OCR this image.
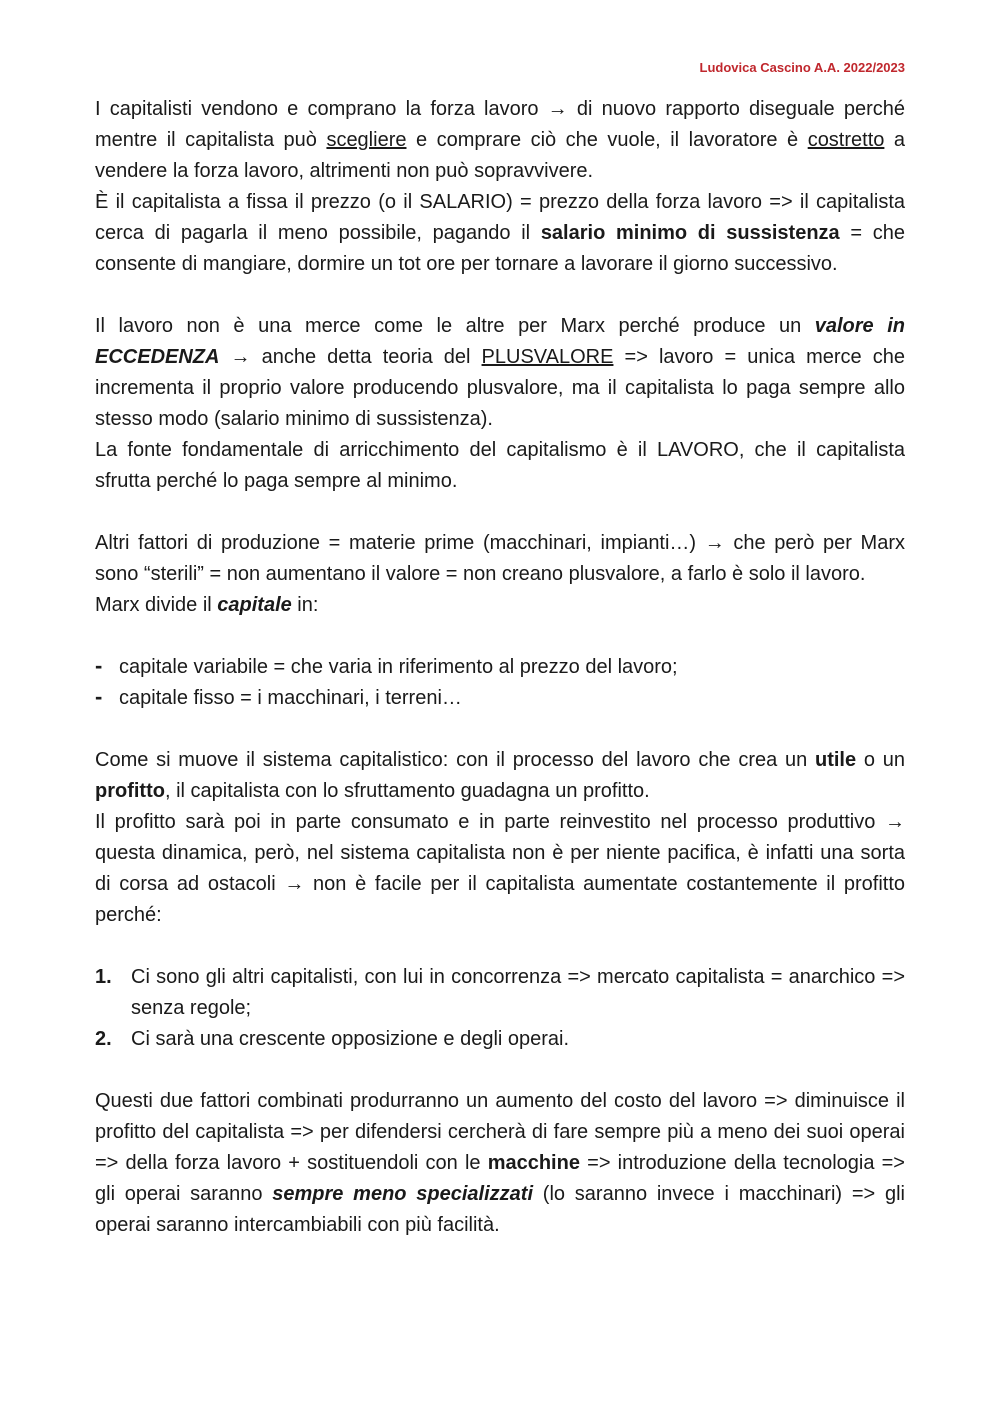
Ludovica Cascino A.A. 2022/2023

I capitalisti vendono e comprano la forza lavoro → di nuovo rapporto diseguale perché mentre il capitalista può scegliere e comprare ciò che vuole, il lavoratore è costretto a vendere la forza lavoro, altrimenti non può sopravvivere.

È il capitalista a fissa il prezzo (o il SALARIO) = prezzo della forza lavoro => il capitalista cerca di pagarla il meno possibile, pagando il salario minimo di sussistenza = che consente di mangiare, dormire un tot ore per tornare a lavorare il giorno successivo.

Il lavoro non è una merce come le altre per Marx perché produce un valore in ECCEDENZA → anche detta teoria del PLUSVALORE => lavoro = unica merce che incrementa il proprio valore producendo plusvalore, ma il capitalista lo paga sempre allo stesso modo (salario minimo di sussistenza).

La fonte fondamentale di arricchimento del capitalismo è il LAVORO, che il capitalista sfrutta perché lo paga sempre al minimo.

Altri fattori di produzione = materie prime (macchinari, impianti…) → che però per Marx sono “sterili” = non aumentano il valore = non creano plusvalore, a farlo è solo il lavoro.

Marx divide il capitale in:

- capitale variabile = che varia in riferimento al prezzo del lavoro;
- capitale fisso = i macchinari, i terreni…

Come si muove il sistema capitalistico: con il processo del lavoro che crea un utile o un profitto, il capitalista con lo sfruttamento guadagna un profitto.

Il profitto sarà poi in parte consumato e in parte reinvestito nel processo produttivo → questa dinamica, però, nel sistema capitalista non è per niente pacifica, è infatti una sorta di corsa ad ostacoli → non è facile per il capitalista aumentate costantemente il profitto perché:

1. Ci sono gli altri capitalisti, con lui in concorrenza => mercato capitalista = anarchico => senza regole;
2. Ci sarà una crescente opposizione e degli operai.

Questi due fattori combinati produrranno un aumento del costo del lavoro => diminuisce il profitto del capitalista => per difendersi cercherà di fare sempre più a meno dei suoi operai => della forza lavoro + sostituendoli con le macchine => introduzione della tecnologia => gli operai saranno sempre meno specializzati (lo saranno invece i macchinari) => gli operai saranno intercambiabili con più facilità.
